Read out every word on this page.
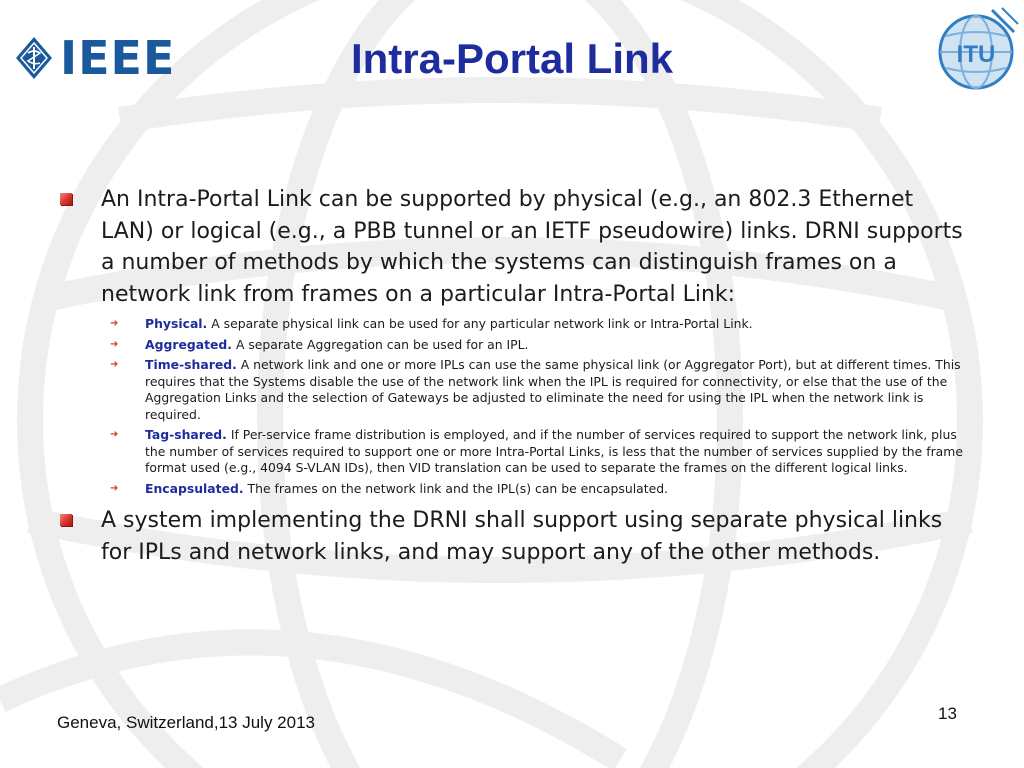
IEEE	ITU
Intra-Portal Link

An Intra-Portal Link can be supported by physical (e.g., an 802.3 Ethernet LAN) or logical (e.g., a PBB tunnel or an IETF pseudowire) links. DRNI supports a number of methods by which the systems can distinguish frames on a network link from frames on a particular Intra-Portal Link:

➜ Physical. A separate physical link can be used for any particular network link or Intra-Portal Link.

➜ Aggregated. A separate Aggregation can be used for an IPL.

➜ Time-shared. A network link and one or more IPLs can use the same physical link (or Aggregator Port), but at different times. This requires that the Systems disable the use of the network link when the IPL is required for connectivity, or else that the use of the Aggregation Links and the selection of Gateways be adjusted to eliminate the need for using the IPL when the network link is required.

➜ Tag-shared. If Per-service frame distribution is employed, and if the number of services required to support the network link, plus the number of services required to support one or more Intra-Portal Links, is less that the number of services supplied by the frame format used (e.g., 4094 S-VLAN IDs), then VID translation can be used to separate the frames on the different logical links.

➜ Encapsulated. The frames on the network link and the IPL(s) can be encapsulated.

A system implementing the DRNI shall support using separate physical links for IPLs and network links, and may support any of the other methods.

Geneva, Switzerland,13 July 2013	13
